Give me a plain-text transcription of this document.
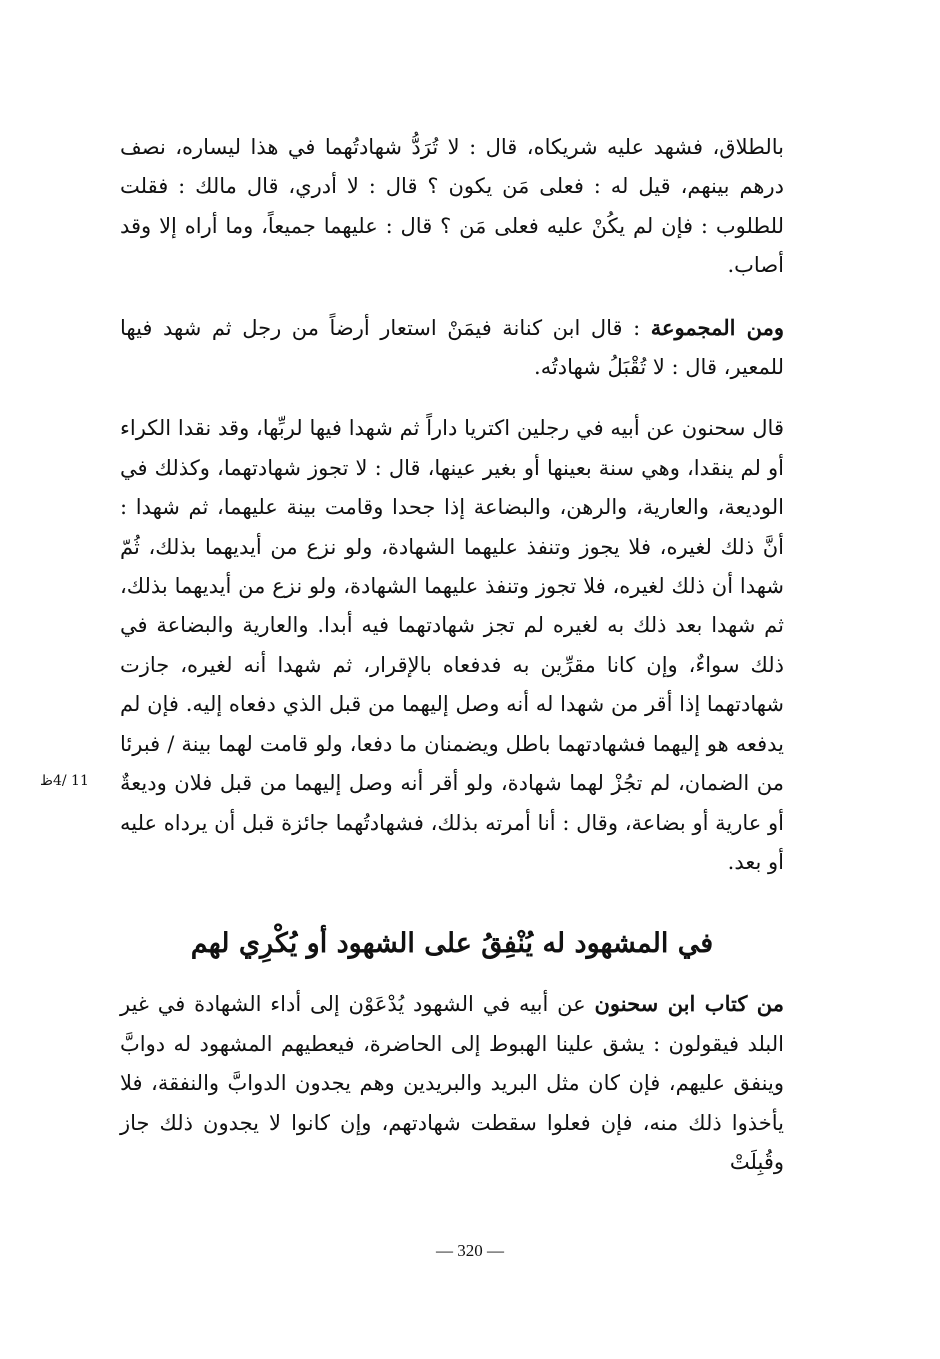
بالطلاق، فشهد عليه شريكاه، قال : لا تُرَدُّ شهادتُهما في هذا ليساره، نصف درهم بينهم، قيل له : فعلى مَن يكون ؟ قال : لا أدري، قال مالك : فقلت للطلوب : فإن لم يكُنْ عليه فعلى مَن ؟ قال : عليهما جميعاً، وما أراه إلا وقد أصاب.

ومن المجموعة : قال ابن كنانة فيمَنْ استعار أرضاً من رجل ثم شهد فيها للمعير، قال : لا تُقْبَلُ شهادتُه.

قال سحنون عن أبيه في رجلين اكتريا داراً ثم شهدا فيها لربِّها، وقد نقدا الكراء أو لم ينقدا، وهي سنة بعينها أو بغير عينها، قال : لا تجوز شهادتهما، وكذلك في الوديعة، والعارية، والرهن، والبضاعة إذا جحدا وقامت بينة عليهما، ثم شهدا : أنَّ ذلك لغيره، فلا يجوز وتنفذ عليهما الشهادة، ولو نزع من أيديهما بذلك، ثُمّ شهدا أن ذلك لغيره، فلا تجوز وتنفذ عليهما الشهادة، ولو نزع من أيديهما بذلك، ثم شهدا بعد ذلك به لغيره لم تجز شهادتهما فيه أبدا. والعارية والبضاعة في ذلك سواءٌ، وإن كانا مقرِّين به فدفعاه بالإقرار، ثم شهدا أنه لغيره، جازت شهادتهما إذا أقر من شهدا له أنه وصل إليهما من قبل الذي دفعاه إليه. فإن لم يدفعه هو إليهما فشهادتهما باطل ويضمنان ما دفعا، ولو قامت لهما بينة / فبرئا من الضمان، لم تجُزْ لهما شهادة، ولو أقر أنه وصل إليهما من قبل فلان وديعةٌ أو عارية أو بضاعة، وقال : أنا أمرته بذلك، فشهادتُهما جائزة قبل أن يرداه عليه أو بعد.

في المشهود له يُنْفِقُ على الشهود أو يُكْرِي لهم

من كتاب ابن سحنون عن أبيه في الشهود يُدْعَوْن إلى أداء الشهادة في غير البلد فيقولون : يشق علينا الهبوط إلى الحاضرة، فيعطيهم المشهود له دوابَّ وينفق عليهم، فإن كان مثل البريد والبريدين وهم يجدون الدوابَّ والنفقة، فلا يأخذوا ذلك منه، فإن فعلوا سقطت شهادتهم، وإن كانوا لا يجدون ذلك جاز وقُبِلَتْ

11 /4ظ
— 320 —
